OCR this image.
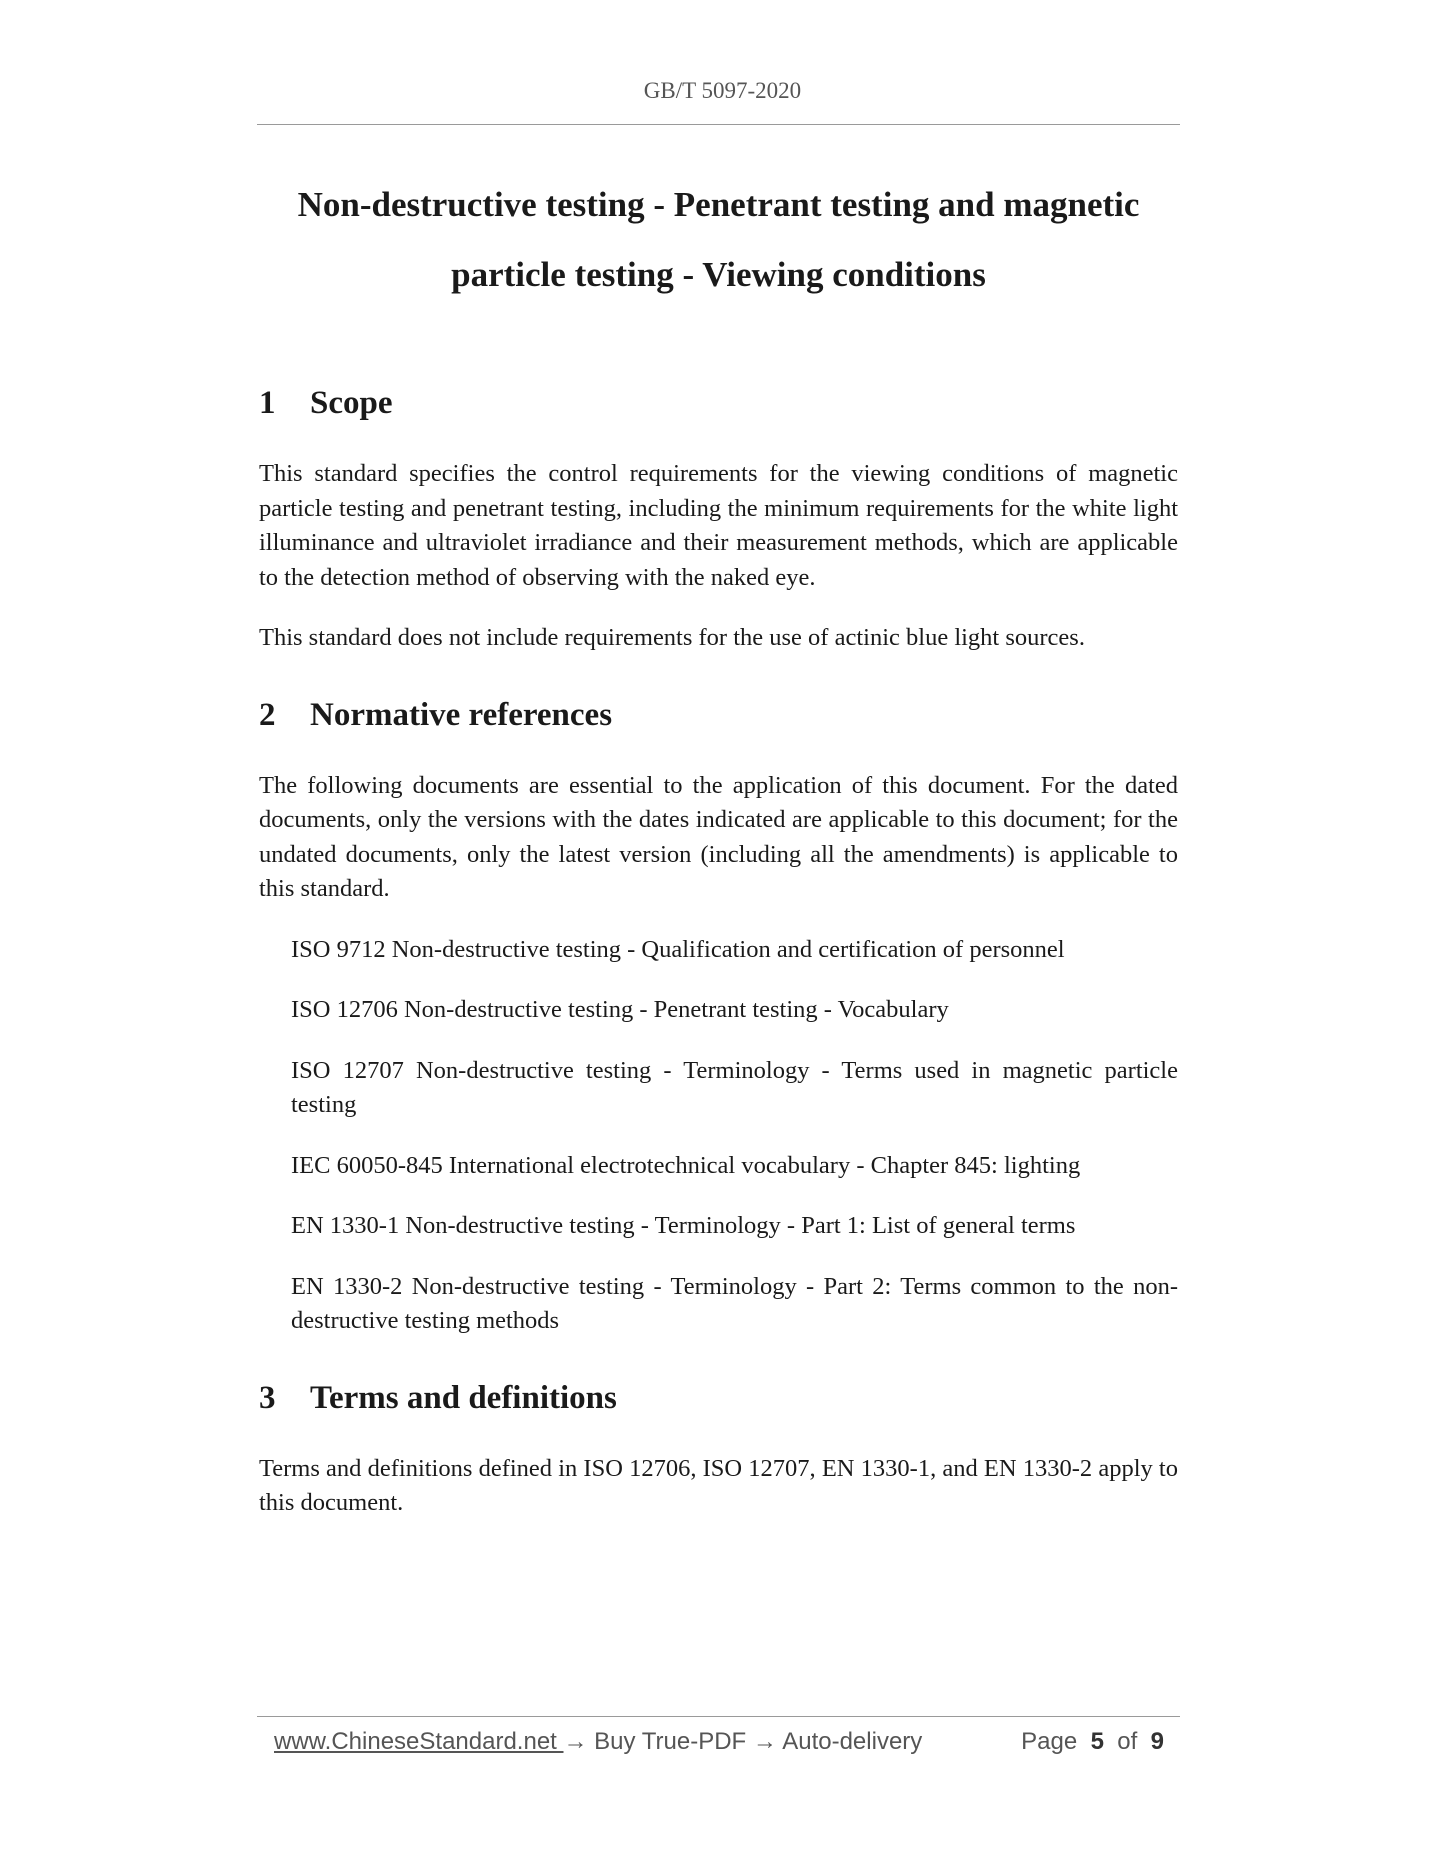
GB/T 5097-2020
Non-destructive testing - Penetrant testing and magnetic
particle testing - Viewing conditions
1 Scope

This standard specifies the control requirements for the viewing conditions of magnetic particle testing and penetrant testing, including the minimum requirements for the white light illuminance and ultraviolet irradiance and their measurement methods, which are applicable to the detection method of observing with the naked eye.

This standard does not include requirements for the use of actinic blue light sources.

2 Normative references

The following documents are essential to the application of this document. For the dated documents, only the versions with the dates indicated are applicable to this document; for the undated documents, only the latest version (including all the amendments) is applicable to this standard.

ISO 9712 Non-destructive testing - Qualification and certification of personnel
ISO 12706 Non-destructive testing - Penetrant testing - Vocabulary
ISO 12707 Non-destructive testing - Terminology - Terms used in magnetic particle testing
IEC 60050-845 International electrotechnical vocabulary - Chapter 845: lighting
EN 1330-1 Non-destructive testing - Terminology - Part 1: List of general terms
EN 1330-2 Non-destructive testing - Terminology - Part 2: Terms common to the non-destructive testing methods
3 Terms and definitions

Terms and definitions defined in ISO 12706, ISO 12707, EN 1330-1, and EN 1330-2 apply to this document.

www.ChineseStandard.net → Buy True-PDF → Auto-delivery	Page 5 of 9
